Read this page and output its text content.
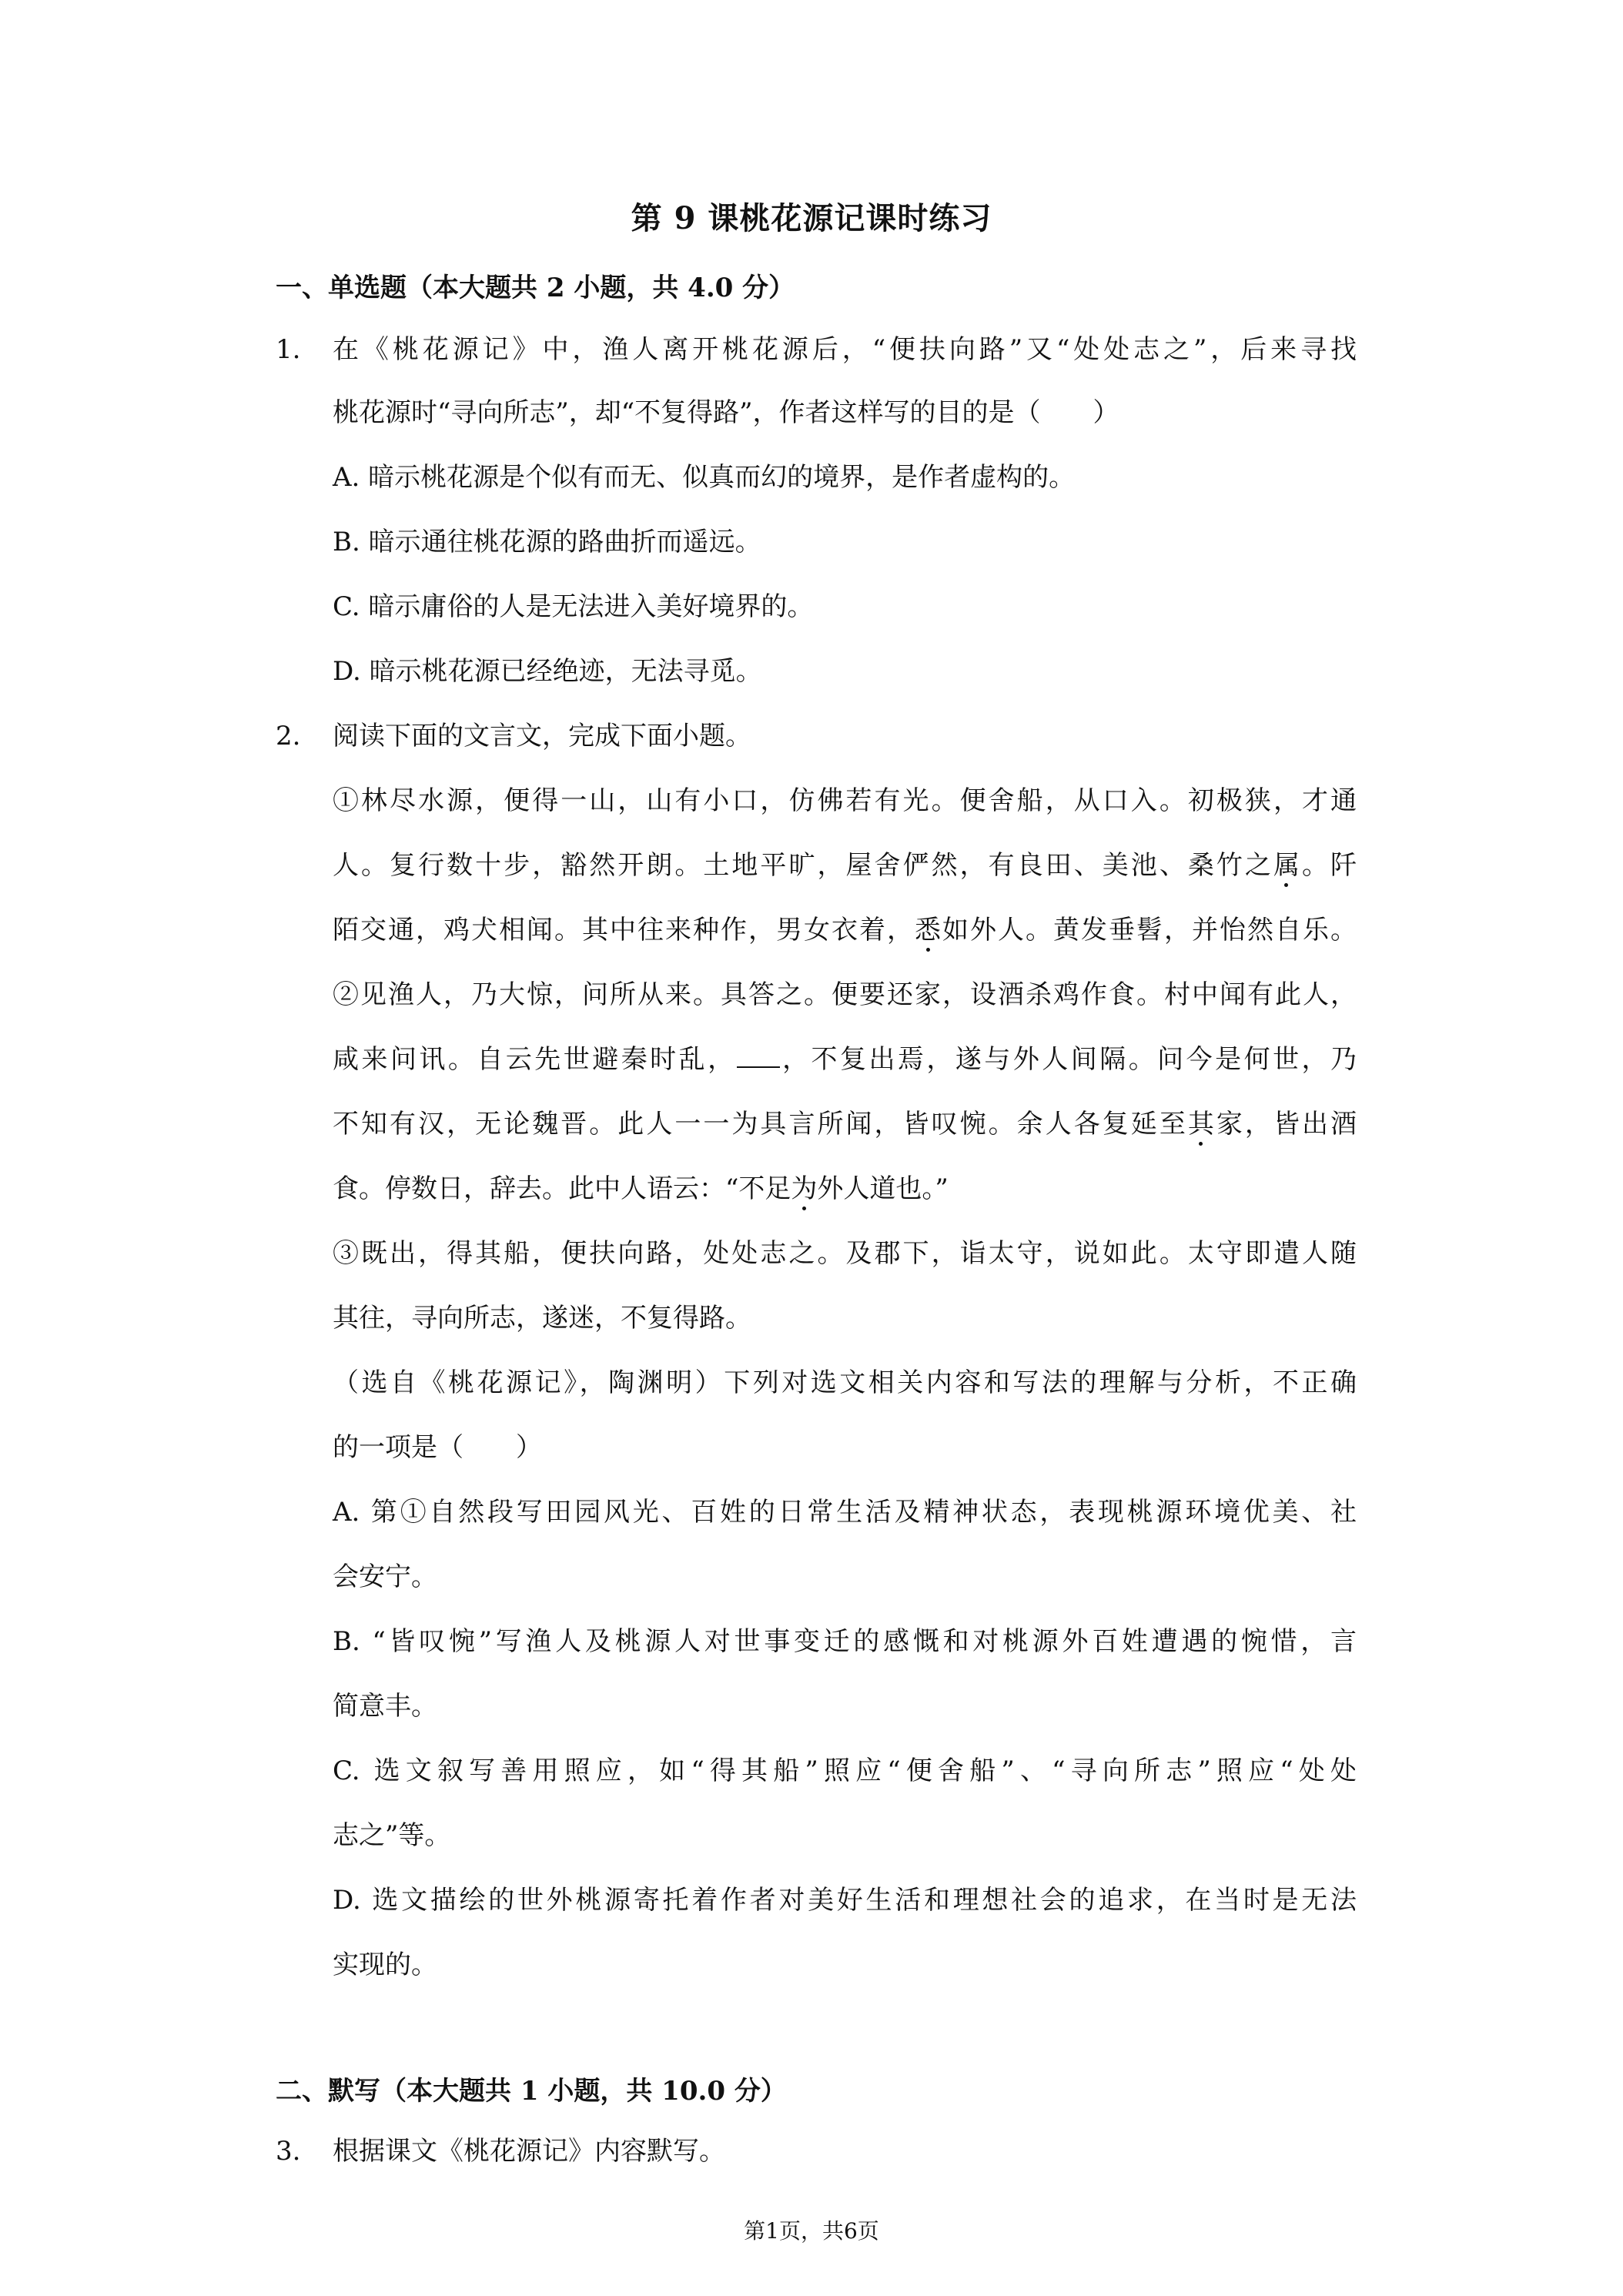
第 9 课桃花源记课时练习
一、单选题（本大题共 2 小题，共 4.0 分）
1. 在《桃花源记》中，渔人离开桃花源后，“便扶向路”又“处处志之”，后来寻找
桃花源时“寻向所志”，却“不复得路”，作者这样写的目的是（　　）
A. 暗示桃花源是个似有而无、似真而幻的境界，是作者虚构的。
B. 暗示通往桃花源的路曲折而遥远。
C. 暗示庸俗的人是无法进入美好境界的。
D. 暗示桃花源已经绝迹，无法寻觅。
2. 阅读下面的文言文，完成下面小题。
①林尽水源，便得一山，山有小口，仿佛若有光。便舍船，从口入。初极狭，才通
人。复行数十步，豁然开朗。土地平旷，屋舍俨然，有良田、美池、桑竹之属。阡
陌交通，鸡犬相闻。其中往来种作，男女衣着，悉如外人。黄发垂髫，并怡然自乐。
②见渔人，乃大惊，问所从来。具答之。便要还家，设酒杀鸡作食。村中闻有此人，
咸来问讯。自云先世避秦时乱， ，不复出焉，遂与外人间隔。问今是何世，乃
不知有汉，无论魏晋。此人一一为具言所闻，皆叹惋。余人各复延至其家，皆出酒
食。停数日，辞去。此中人语云：“不足为外人道也。”
③既出，得其船，便扶向路，处处志之。及郡下，诣太守，说如此。太守即遣人随
其往，寻向所志，遂迷，不复得路。
（选自《桃花源记》，陶渊明）下列对选文相关内容和写法的理解与分析，不正确
的一项是（　　）
A. 第①自然段写田园风光、百姓的日常生活及精神状态，表现桃源环境优美、社
会安宁。
B. “皆叹惋”写渔人及桃源人对世事变迁的感慨和对桃源外百姓遭遇的惋惜，言
简意丰。
C. 选文叙写善用照应，如“得其船”照应“便舍船”、“寻向所志”照应“处处
志之”等。
D. 选文描绘的世外桃源寄托着作者对美好生活和理想社会的追求，在当时是无法
实现的。
二、默写（本大题共 1 小题，共 10.0 分）
3. 根据课文《桃花源记》内容默写。
第1页，共6页
